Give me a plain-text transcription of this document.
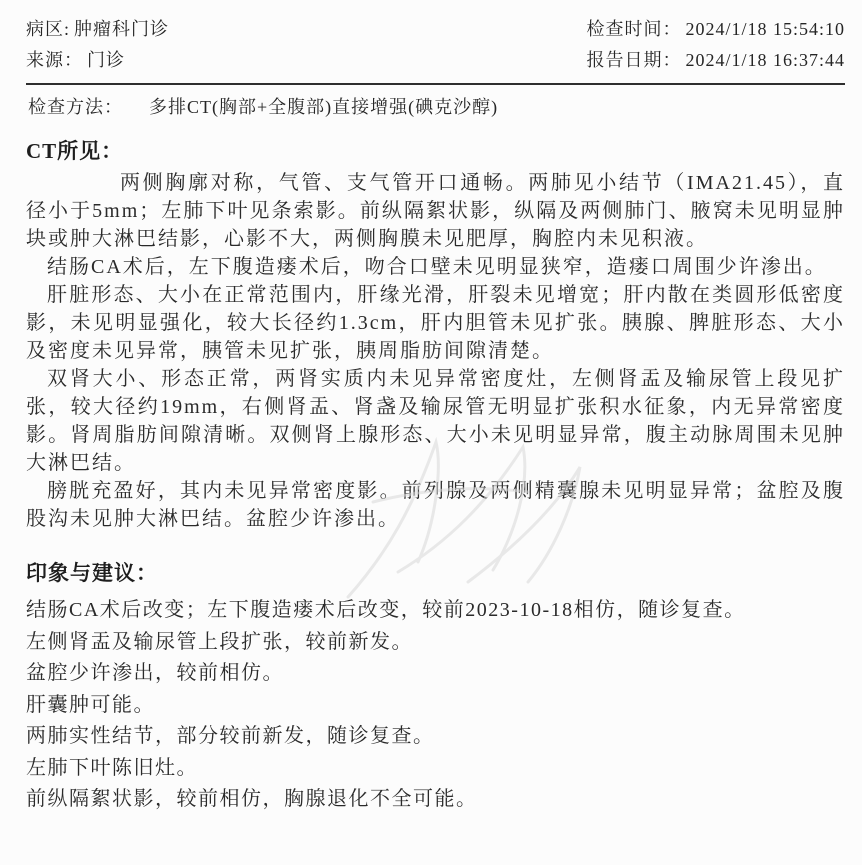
病区: 肿瘤科门诊	检查时间： 2024/1/18 15:54:10
来源： 门诊	报告日期： 2024/1/18 16:37:44
检查方法： 多排CT(胸部+全腹部)直接增强(碘克沙醇)
CT所见：

两侧胸廓对称，气管、支气管开口通畅。两肺见小结节（IMA21.45），直径小于5mm；左肺下叶见条索影。前纵隔絮状影，纵隔及两侧肺门、腋窝未见明显肿块或肿大淋巴结影，心影不大，两侧胸膜未见肥厚，胸腔内未见积液。

结肠CA术后，左下腹造瘘术后，吻合口壁未见明显狭窄，造瘘口周围少许渗出。

肝脏形态、大小在正常范围内，肝缘光滑，肝裂未见增宽；肝内散在类圆形低密度影，未见明显强化，较大长径约1.3cm，肝内胆管未见扩张。胰腺、脾脏形态、大小及密度未见异常，胰管未见扩张，胰周脂肪间隙清楚。

双肾大小、形态正常，两肾实质内未见异常密度灶，左侧肾盂及输尿管上段见扩张，较大径约19mm，右侧肾盂、肾盏及输尿管无明显扩张积水征象，内无异常密度影。肾周脂肪间隙清晰。双侧肾上腺形态、大小未见明显异常，腹主动脉周围未见肿大淋巴结。

膀胱充盈好，其内未见异常密度影。前列腺及两侧精囊腺未见明显异常；盆腔及腹股沟未见肿大淋巴结。盆腔少许渗出。

印象与建议：

结肠CA术后改变；左下腹造瘘术后改变，较前2023-10-18相仿，随诊复查。

左侧肾盂及输尿管上段扩张，较前新发。

盆腔少许渗出，较前相仿。

肝囊肿可能。

两肺实性结节，部分较前新发，随诊复查。

左肺下叶陈旧灶。

前纵隔絮状影，较前相仿，胸腺退化不全可能。
